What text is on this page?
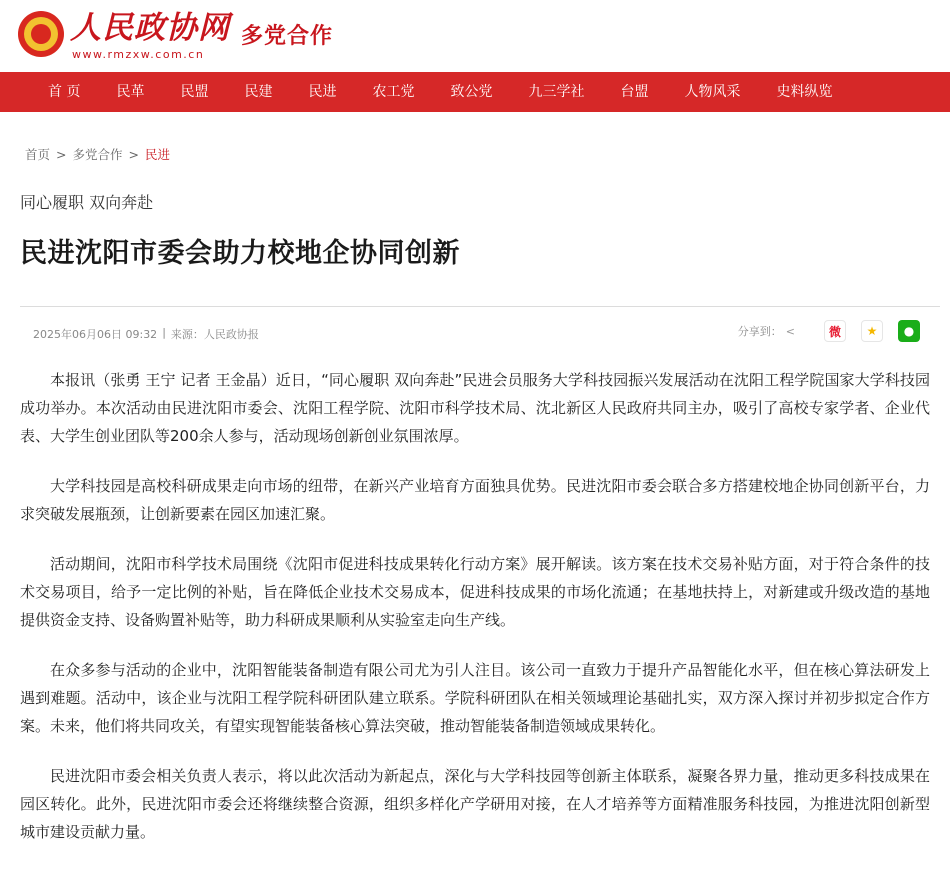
人民政协网
www.rmzxw.com.cn
多党合作
首 页	民革	民盟	民建	民进	农工党	致公党	九三学社	台盟	人物风采	史料纵览
首页 > 多党合作 > 民进
同心履职 双向奔赴
民进沈阳市委会助力校地企协同创新
2025年06月06日 09:32 | 来源：人民政协报	分享到： <	微	★	●

本报讯（张勇 王宁 记者 王金晶）近日，“同心履职 双向奔赴”民进会员服务大学科技园振兴发展活动在沈阳工程学院国家大学科技园成功举办。本次活动由民进沈阳市委会、沈阳工程学院、沈阳市科学技术局、沈北新区人民政府共同主办，吸引了高校专家学者、企业代表、大学生创业团队等200余人参与，活动现场创新创业氛围浓厚。

大学科技园是高校科研成果走向市场的纽带，在新兴产业培育方面独具优势。民进沈阳市委会联合多方搭建校地企协同创新平台，力求突破发展瓶颈，让创新要素在园区加速汇聚。

活动期间，沈阳市科学技术局围绕《沈阳市促进科技成果转化行动方案》展开解读。该方案在技术交易补贴方面，对于符合条件的技术交易项目，给予一定比例的补贴，旨在降低企业技术交易成本，促进科技成果的市场化流通；在基地扶持上，对新建或升级改造的基地提供资金支持、设备购置补贴等，助力科研成果顺利从实验室走向生产线。

在众多参与活动的企业中，沈阳智能装备制造有限公司尤为引人注目。该公司一直致力于提升产品智能化水平，但在核心算法研发上遇到难题。活动中，该企业与沈阳工程学院科研团队建立联系。学院科研团队在相关领域理论基础扎实，双方深入探讨并初步拟定合作方案。未来，他们将共同攻关，有望实现智能装备核心算法突破，推动智能装备制造领域成果转化。

民进沈阳市委会相关负责人表示，将以此次活动为新起点，深化与大学科技园等创新主体联系，凝聚各界力量，推动更多科技成果在园区转化。此外，民进沈阳市委会还将继续整合资源，组织多样化产学研用对接，在人才培养等方面精准服务科技园，为推进沈阳创新型城市建设贡献力量。
